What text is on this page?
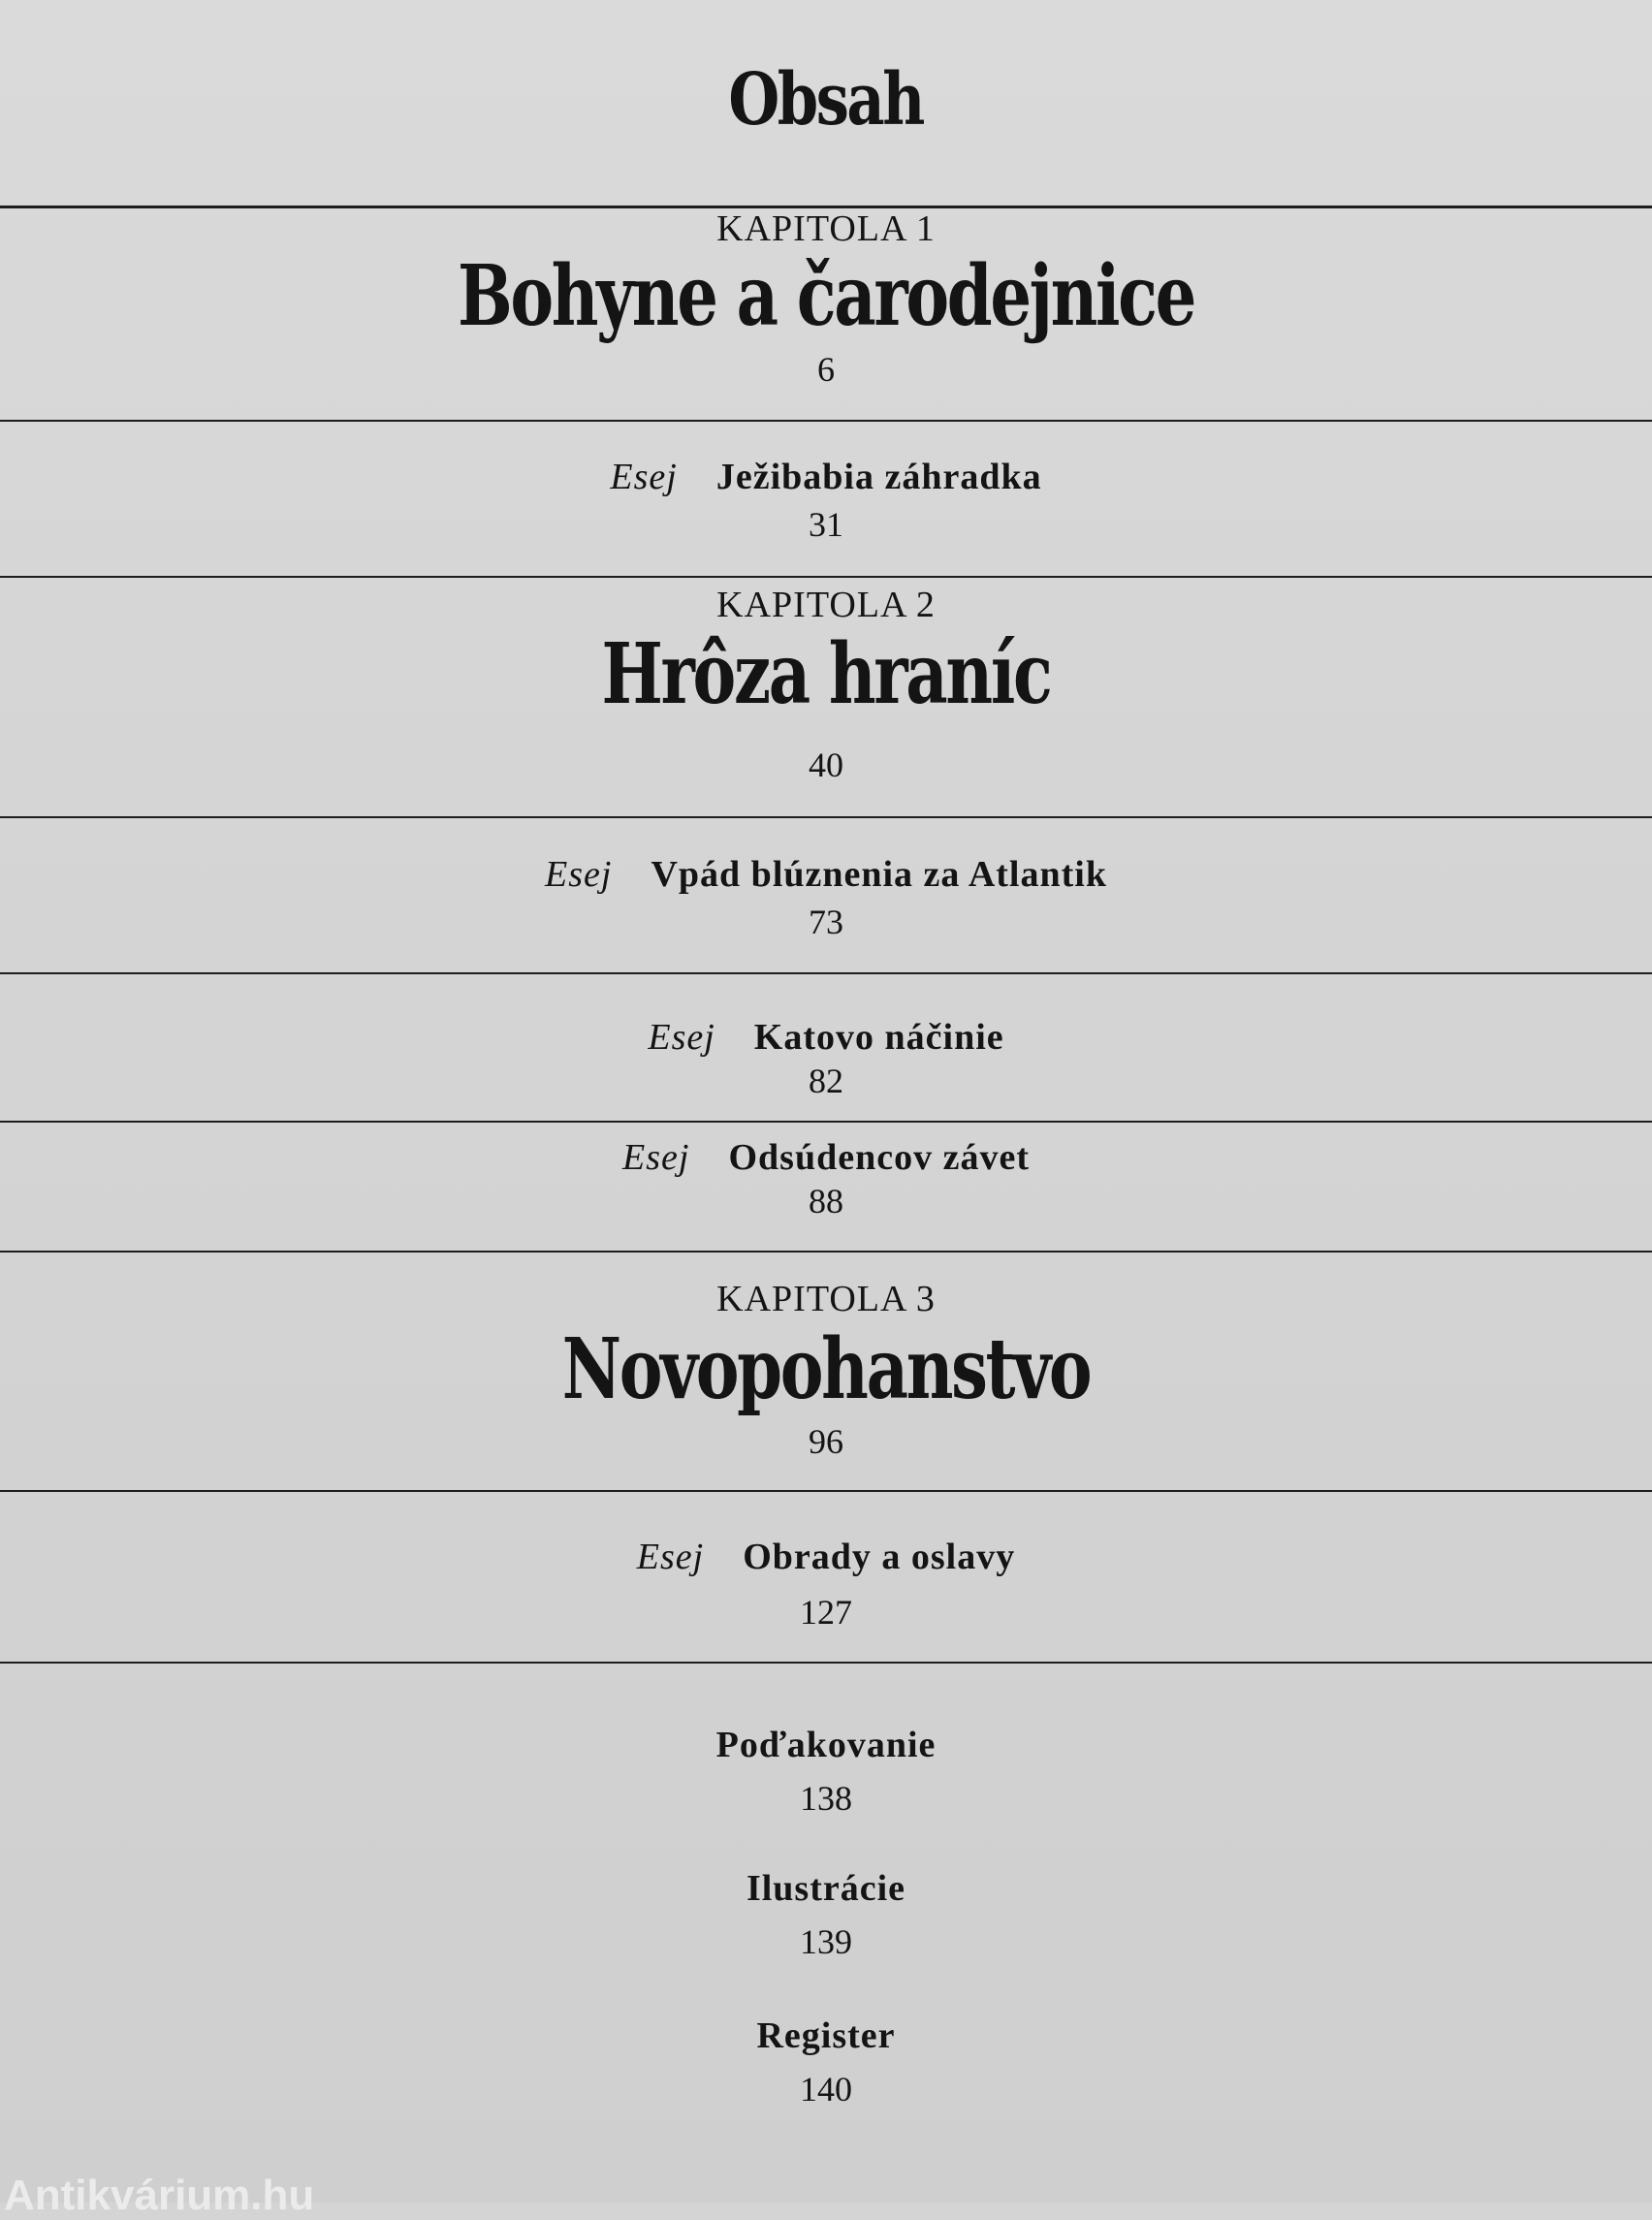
Obsah
KAPITOLA 1
Bohyne a čarodejnice
6
Esej Ježibabia záhradka
31
KAPITOLA 2
Hrôza hraníc
40
Esej Vpád blúznenia za Atlantik
73
Esej Katovo náčinie
82
Esej Odsúdencov závet
88
KAPITOLA 3
Novopohanstvo
96
Esej Obrady a oslavy
127
Poďakovanie
138
Ilustrácie
139
Register
140
Antikvárium.hu
